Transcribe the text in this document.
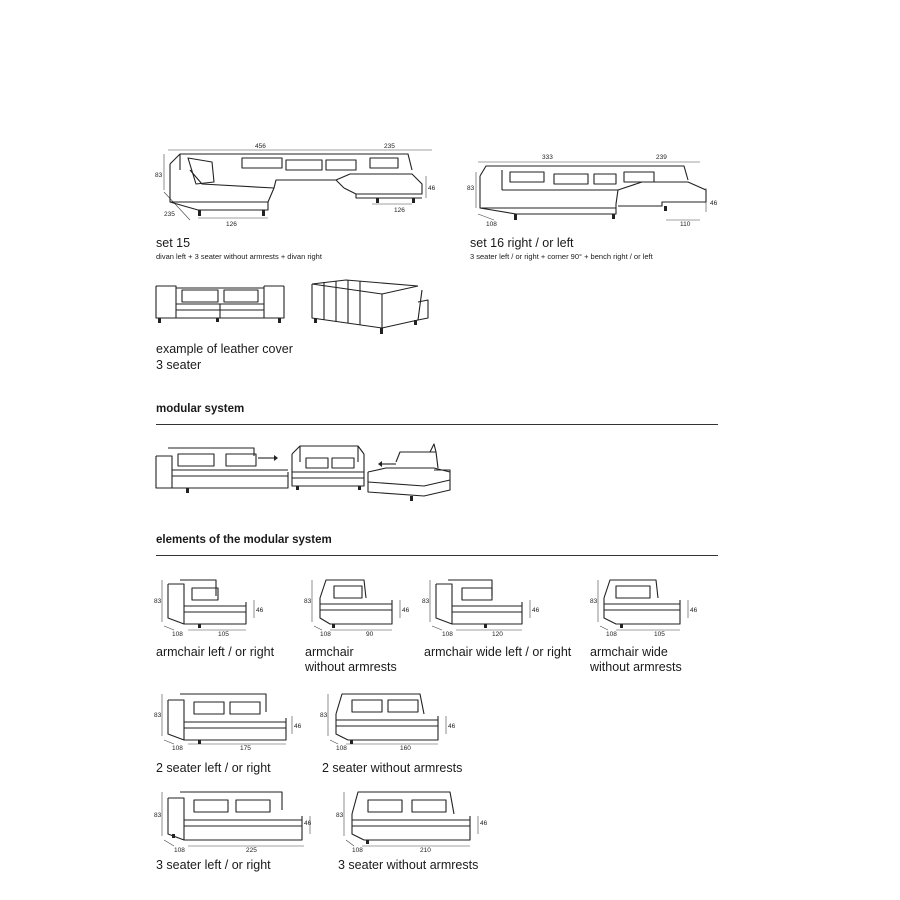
456	235
83
235
126
126
46
set 15
divan left + 3 seater without armrests + divan right
333	239
83
108	110
46
set 16 right / or left
3 seater left / or right + corner 90° + bench right / or left
example of leather cover
3 seater
modular system
elements of the modular system
83
46
108	105
armchair left / or right
83
46
108	90
armchair
without armrests
83
46
108	120
armchair wide left / or right
83
46
108	105
armchair wide
without armrests
83
46
108	175
2 seater left / or right
83
46
108	160
2 seater without armrests
83
46
108	225
3 seater left / or right
83
46
108	210
3 seater without armrests
